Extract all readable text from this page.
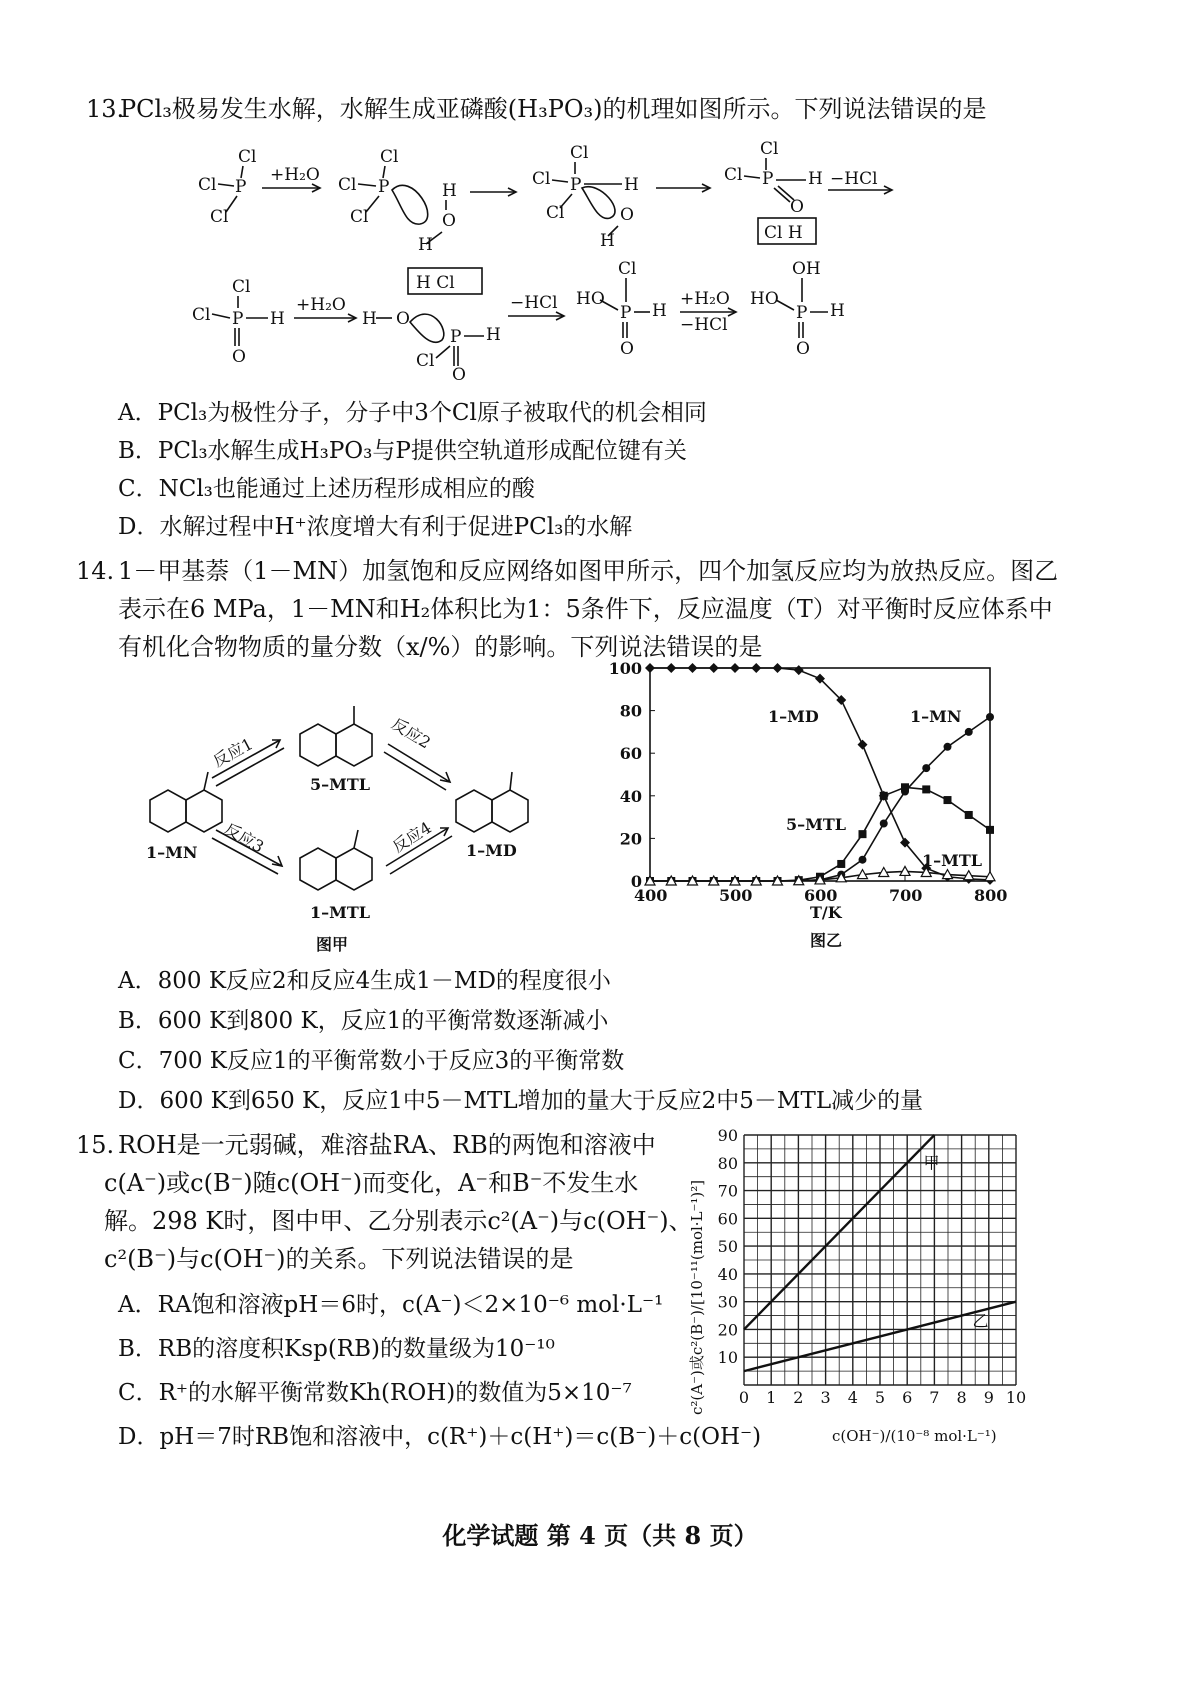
13.
PCl₃极易发生水解，水解生成亚磷酸(H₃PO₃)的机理如图所示。下列说法错误的是
Cl
Cl P
Cl
+H₂O
Cl
Cl P
Cl
H
O
H
Cl
Cl P	H
Cl	O
H
Cl
Cl P H
O
Cl H
−HCl
Cl
Cl P H
O
+H₂O
H O
H Cl
P H
Cl
O
−HCl
Cl
HO
P H
O
+H₂O
−HCl
OH
HO
P H
O
A．PCl₃为极性分子，分子中3个Cl原子被取代的机会相同
B．PCl₃水解生成H₃PO₃与P提供空轨道形成配位键有关
C．NCl₃也能通过上述历程形成相应的酸
D．水解过程中H⁺浓度增大有利于促进PCl₃的水解
14. 1－甲基萘（1－MN）加氢饱和反应网络如图甲所示，四个加氢反应均为放热反应。图乙
表示在6 MPa，1－MN和H₂体积比为1：5条件下，反应温度（T）对平衡时反应体系中
有机化合物物质的量分数（x/%）的影响。下列说法错误的是
反应1
反应2
反应3	反应4
1–MN
5–MTL
1–MD
1–MTL
图甲
400	500	600	700	800
0
20
40
60
80
100
T/K
图乙
1–MD	1–MN
5–MTL
1–MTL
A．800 K反应2和反应4生成1－MD的程度很小
B．600 K到800 K，反应1的平衡常数逐渐减小
C．700 K反应1的平衡常数小于反应3的平衡常数
D．600 K到650 K，反应1中5－MTL增加的量大于反应2中5－MTL减少的量
15. ROH是一元弱碱，难溶盐RA、RB的两饱和溶液中
c(A⁻)或c(B⁻)随c(OH⁻)而变化，A⁻和B⁻不发生水
解。298 K时，图中甲、乙分别表示c²(A⁻)与c(OH⁻)、
c²(B⁻)与c(OH⁻)的关系。下列说法错误的是
A．RA饱和溶液pH＝6时，c(A⁻)＜2×10⁻⁶ mol·L⁻¹
B．RB的溶度积Ksp(RB)的数量级为10⁻¹⁰
C．R⁺的水解平衡常数Kh(ROH)的数值为5×10⁻⁷
D．pH＝7时RB饱和溶液中，c(R⁺)＋c(H⁺)＝c(B⁻)＋c(OH⁻)
0 1 2 3 4 5 6 7 8 9 10
10
20
30
40
50
60
70
80
90
c(OH⁻)/(10⁻⁸ mol·L⁻¹)
c²(A⁻)或c²(B⁻)/[10⁻¹¹(mol·L⁻¹)²]
甲
乙
化学试题 第 4 页（共 8 页）
